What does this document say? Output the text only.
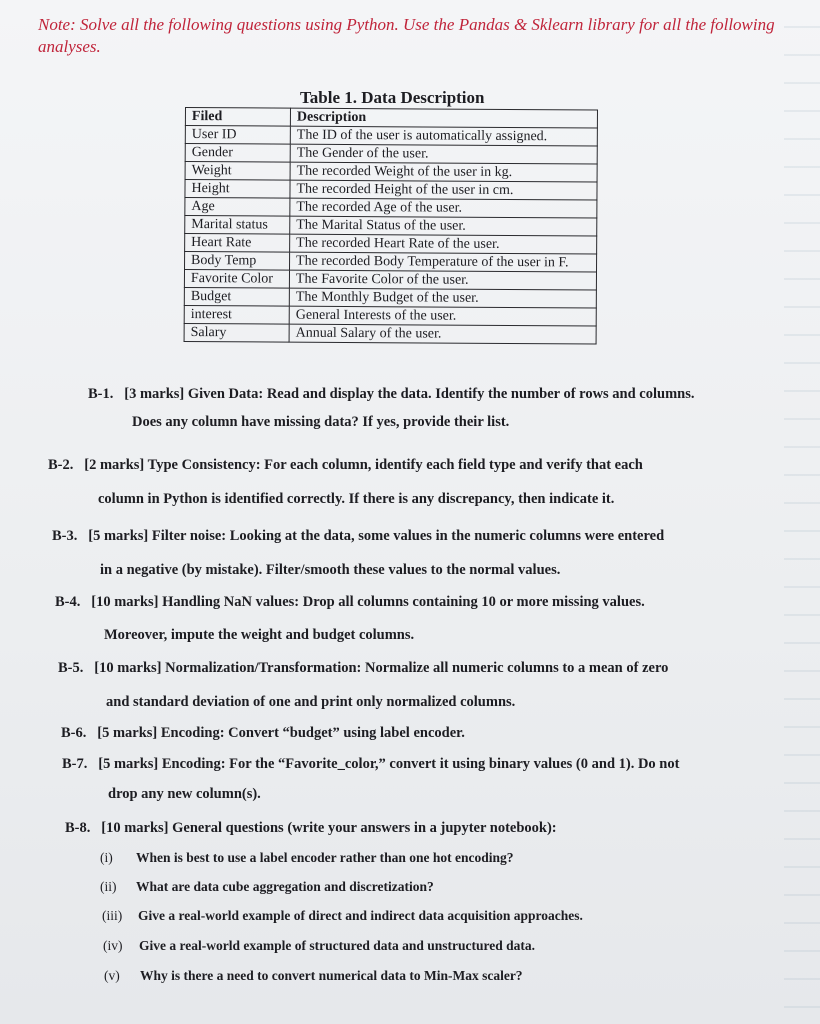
Note: Solve all the following questions using Python. Use the Pandas & Sklearn library for all the following analyses.
Table 1. Data Description
Filed	Description
User ID	The ID of the user is automatically assigned.
Gender	The Gender of the user.
Weight	The recorded Weight of the user in kg.
Height	The recorded Height of the user in cm.
Age	The recorded Age of the user.
Marital status	The Marital Status of the user.
Heart Rate	The recorded Heart Rate of the user.
Body Temp	The recorded Body Temperature of the user in F.
Favorite Color	The Favorite Color of the user.
Budget	The Monthly Budget of the user.
interest	General Interests of the user.
Salary	Annual Salary of the user.
B-1. [3 marks] Given Data: Read and display the data. Identify the number of rows and columns.
Does any column have missing data? If yes, provide their list.
B-2. [2 marks] Type Consistency: For each column, identify each field type and verify that each
column in Python is identified correctly. If there is any discrepancy, then indicate it.
B-3. [5 marks] Filter noise: Looking at the data, some values in the numeric columns were entered
in a negative (by mistake). Filter/smooth these values to the normal values.
B-4. [10 marks] Handling NaN values: Drop all columns containing 10 or more missing values.
Moreover, impute the weight and budget columns.
B-5. [10 marks] Normalization/Transformation: Normalize all numeric columns to a mean of zero
and standard deviation of one and print only normalized columns.
B-6. [5 marks] Encoding: Convert “budget” using label encoder.
B-7. [5 marks] Encoding: For the “Favorite_color,” convert it using binary values (0 and 1). Do not
drop any new column(s).
B-8. [10 marks] General questions (write your answers in a jupyter notebook):
(i) When is best to use a label encoder rather than one hot encoding?
(ii) What are data cube aggregation and discretization?
(iii) Give a real-world example of direct and indirect data acquisition approaches.
(iv) Give a real-world example of structured data and unstructured data.
(v) Why is there a need to convert numerical data to Min-Max scaler?
